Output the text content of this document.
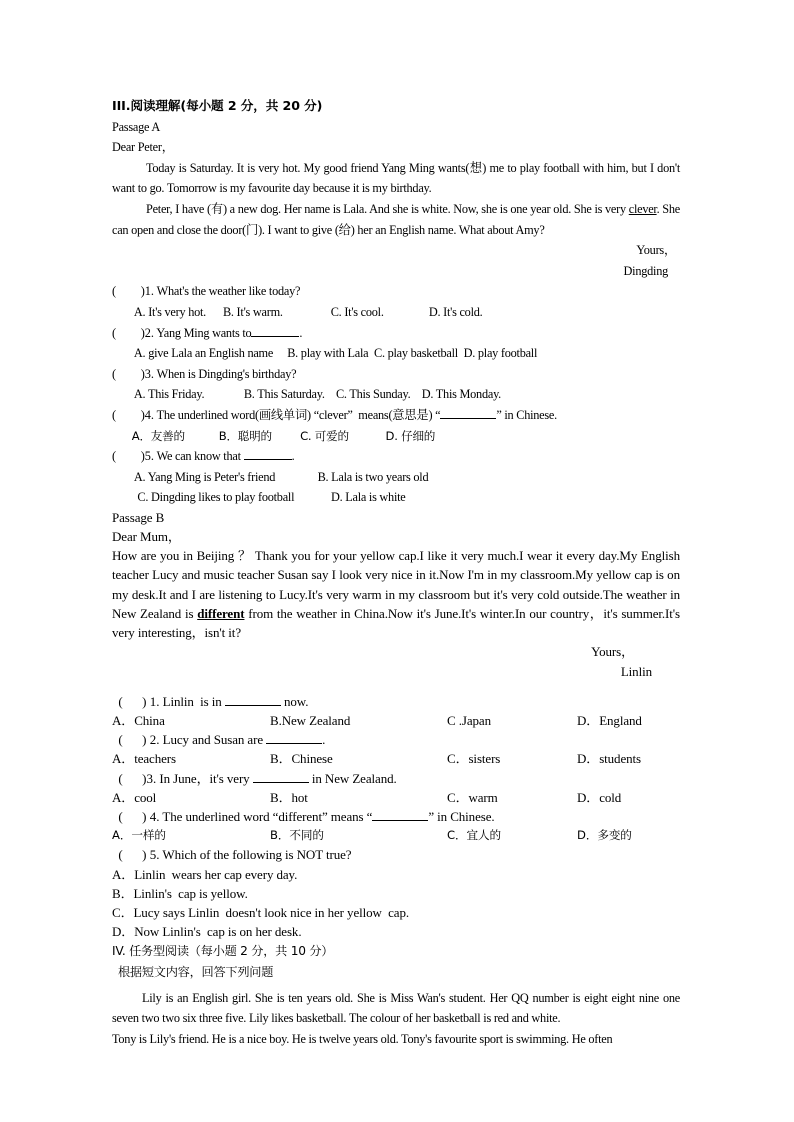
III.阅读理解(每小题 2 分，共 20 分)

Passage A

Dear Peter，

Today is Saturday. It is very hot. My good friend Yang Ming wants(想) me to play football with him, but I don't want to go. Tomorrow is my favourite day because it is my birthday.

Peter, I have (有) a new dog. Her name is Lala. And she is white. Now, she is one year old. She is very clever. She can open and close the door(门). I want to give (给) her an English name. What about Amy?

Yours，

Dingding

(        )1. What's the weather like today?

A. It's very hot. B. It's warm.	C. It's cool.	D. It's cold.

(        )2. Yang Ming wants to	.

A. give Lala an English name B. play with Lala C. play basketball D. play football

(        )3. When is Dingding's birthday?

A. This Friday.	B. This Saturday. C. This Sunday. D. This Monday.

(        )4. The underlined word(画线单词) “clever”  means(意思是) “	” in Chinese.

A．友善的	B．聪明的 C. 可爱的	D. 仔细的

(        )5. We can know that	.

A. Yang Ming is Peter's friend	B. Lala is two years old

C. Dingding likes to play football	D. Lala is white

Passage B

Dear Mum，

How are you in Beijing ？ Thank you for your yellow cap.I like it very much.I wear it every day.My English teacher Lucy and music teacher Susan say I look very nice in it.Now I'm in my classroom.My yellow cap is on my desk.It and I are listening to Lucy.It's very warm in my classroom but it's very cold outside.The weather in New Zealand is different from the weather in China.Now it's June.It's winter.In our country，it's summer.It's very interesting，isn't it?

Yours，

Linlin

(      ) 1. Linlin  is in	now.

A．China	B.New Zealand	C .Japan	D．England

(      ) 2. Lucy and Susan are	.

A．teachers	B．Chinese	C．sisters	D．students

(      )3. In June，it's very	in New Zealand.

A．cool	B．hot	C．warm	D．cold

(      ) 4. The underlined word “different” means “	” in Chinese.

A．一样的	B．不同的	C．宜人的	D．多变的

(      ) 5. Which of the following is NOT true?

A．Linlin  wears her cap every day.

B．Linlin's  cap is yellow.

C．Lucy says Linlin  doesn't look nice in her yellow  cap.

D．Now Linlin's  cap is on her desk.

IV. 任务型阅读（每小题 2 分，共 10 分）

根据短文内容，回答下列问题

Lily is an English girl. She is ten years old. She is Miss Wan's student. Her QQ number is eight eight nine one seven two two six three five. Lily likes basketball. The colour of her basketball is red and white.

Tony is Lily's friend. He is a nice boy. He is twelve years old. Tony's favourite sport is swimming. He often
